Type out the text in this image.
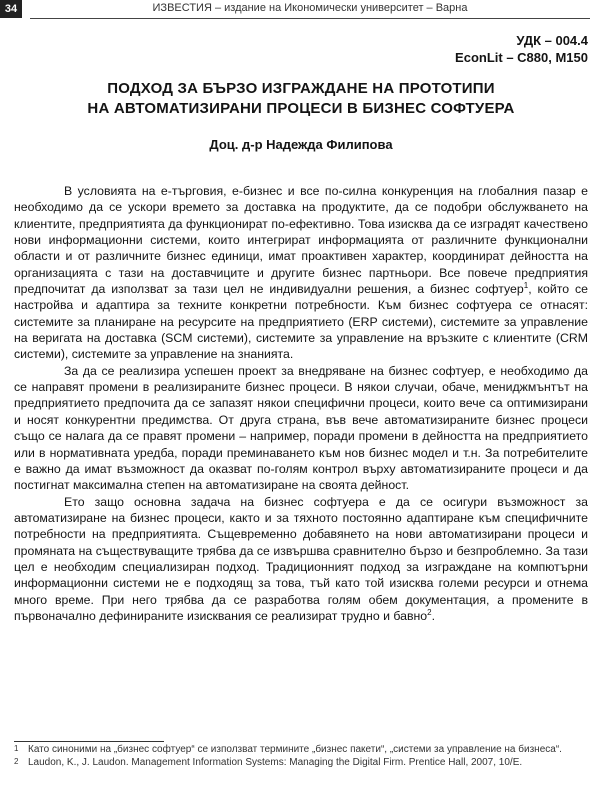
34	ИЗВЕСТИЯ – издание на Икономически университет – Варна
УДК – 004.4
EconLit – C880, M150
ПОДХОД ЗА БЪРЗО ИЗГРАЖДАНЕ НА ПРОТОТИПИ
НА АВТОМАТИЗИРАНИ ПРОЦЕСИ В БИЗНЕС СОФТУЕРА
Доц. д-р Надежда Филипова

В условията на е-търговия, е-бизнес и все по-силна конкуренция на глобалния пазар е необходимо да се ускори времето за доставка на продуктите, да се подобри обслужването на клиентите, предприятията да функционират по-ефективно. Това изисква да се изградят качествено нови информационни системи, които интегрират информацията от различните функционални области и от различните бизнес единици, имат проактивен характер, координират дейността на организацията с тази на доставчиците и другите бизнес партньори. Все повече предприятия предпочитат да използват за тази цел не индивидуални решения, а бизнес софтуер$^1$, който се настройва и адаптира за техните конкретни потребности. Към бизнес софтуера се отнасят: системите за планиране на ресурсите на предприятието (ERP системи), системите за управление на веригата на доставка (SCM системи), системите за управление на връзките с клиентите (CRM системи), системите за управление на знанията.

За да се реализира успешен проект за внедряване на бизнес софтуер, е необходимо да се направят промени в реализираните бизнес процеси. В някои случаи, обаче, мениджмънтът на предприятието предпочита да се запазят някои специфични процеси, които вече са оптимизирани и носят конкурентни предимства. От друга страна, във вече автоматизираните бизнес процеси също се налага да се правят промени – например, поради промени в дейността на предприятието или в нормативната уредба, поради преминаването към нов бизнес модел и т.н. За потребителите е важно да имат възможност да оказват по-голям контрол върху автоматизираните процеси и да постигнат максимална степен на автоматизиране на своята дейност.

Ето защо основна задача на бизнес софтуера е да се осигури възможност за автоматизиране на бизнес процеси, както и за тяхното постоянно адаптиране към специфичните потребности на предприятията. Същевременно добавянето на нови автоматизирани процеси и промяната на съществуващите трябва да се извършва сравнително бързо и безпроблемно. За тази цел е необходим специализиран подход. Традиционният подход за изграждане на компютърни информационни системи не е подходящ за това, тъй като той изисква големи ресурси и отнема много време. При него трябва да се разработва голям обем документация, а промените в първоначално дефинираните изисквания се реализират трудно и бавно$^2$.

1 Като синоними на „бизнес софтуер“ се използват термините „бизнес пакети“, „системи за управление на бизнеса“.
2 Laudon, K., J. Laudon. Management Information Systems: Managing the Digital Firm. Prentice Hall, 2007, 10/E.
